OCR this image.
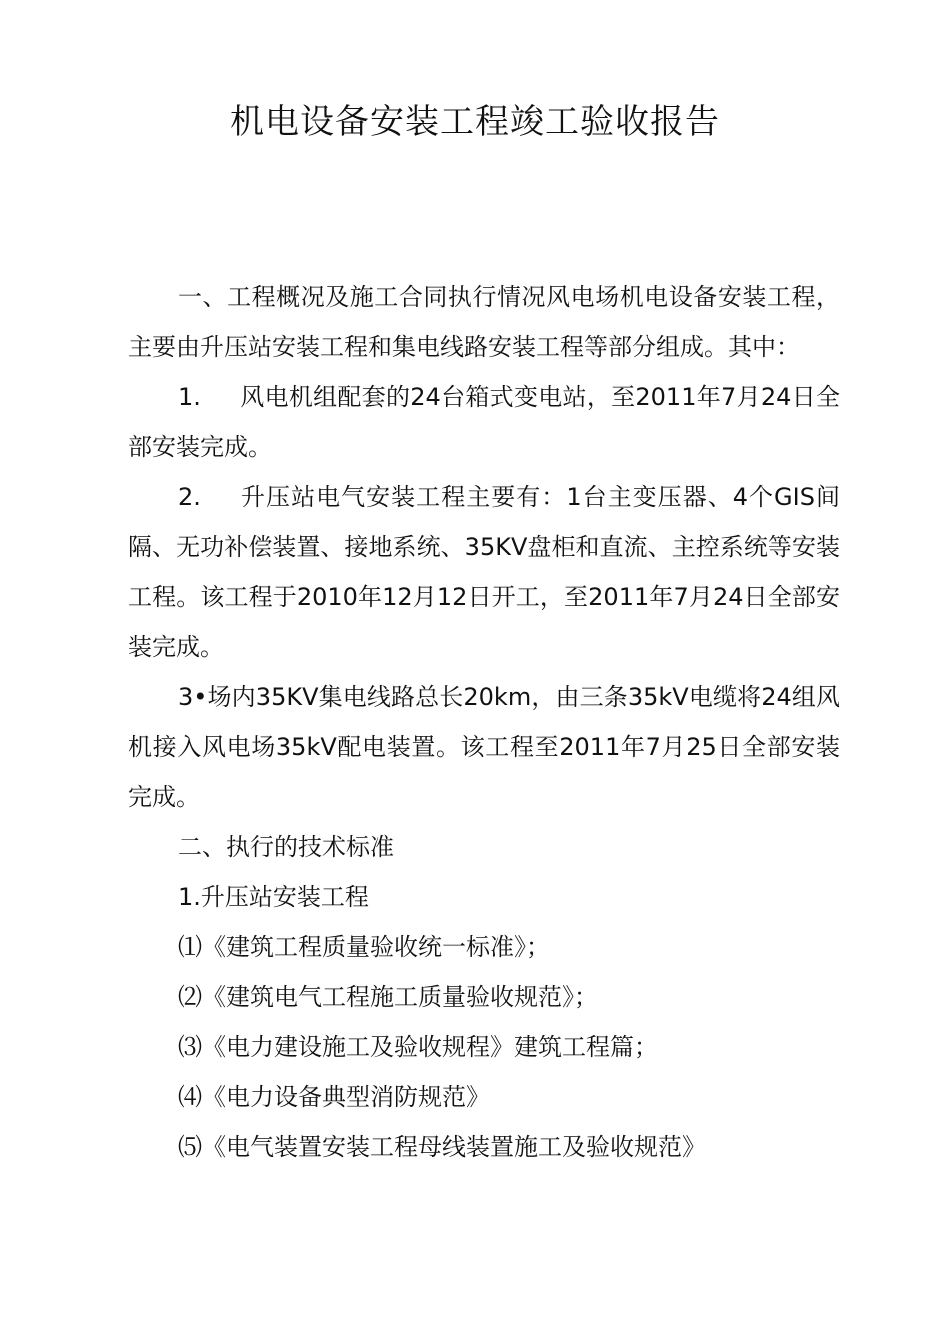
机电设备安装工程竣工验收报告

一、工程概况及施工合同执行情况风电场机电设备安装工程，主要由升压站安装工程和集电线路安装工程等部分组成。其中：

1. 风电机组配套的24台箱式变电站，至2011年7月24日全部安装完成。

2. 升压站电气安装工程主要有：1台主变压器、4个GIS间隔、无功补偿装置、接地系统、35KV盘柜和直流、主控系统等安装工程。该工程于2010年12月12日开工，至2011年7月24日全部安装完成。

3•场内35KV集电线路总长20km，由三条35kV电缆将24组风机接入风电场35kV配电装置。该工程至2011年7月25日全部安装完成。

二、执行的技术标准

1.升压站安装工程

⑴《建筑工程质量验收统一标准》；

⑵《建筑电气工程施工质量验收规范》；

⑶《电力建设施工及验收规程》建筑工程篇；

⑷《电力设备典型消防规范》

⑸《电气装置安装工程母线装置施工及验收规范》
